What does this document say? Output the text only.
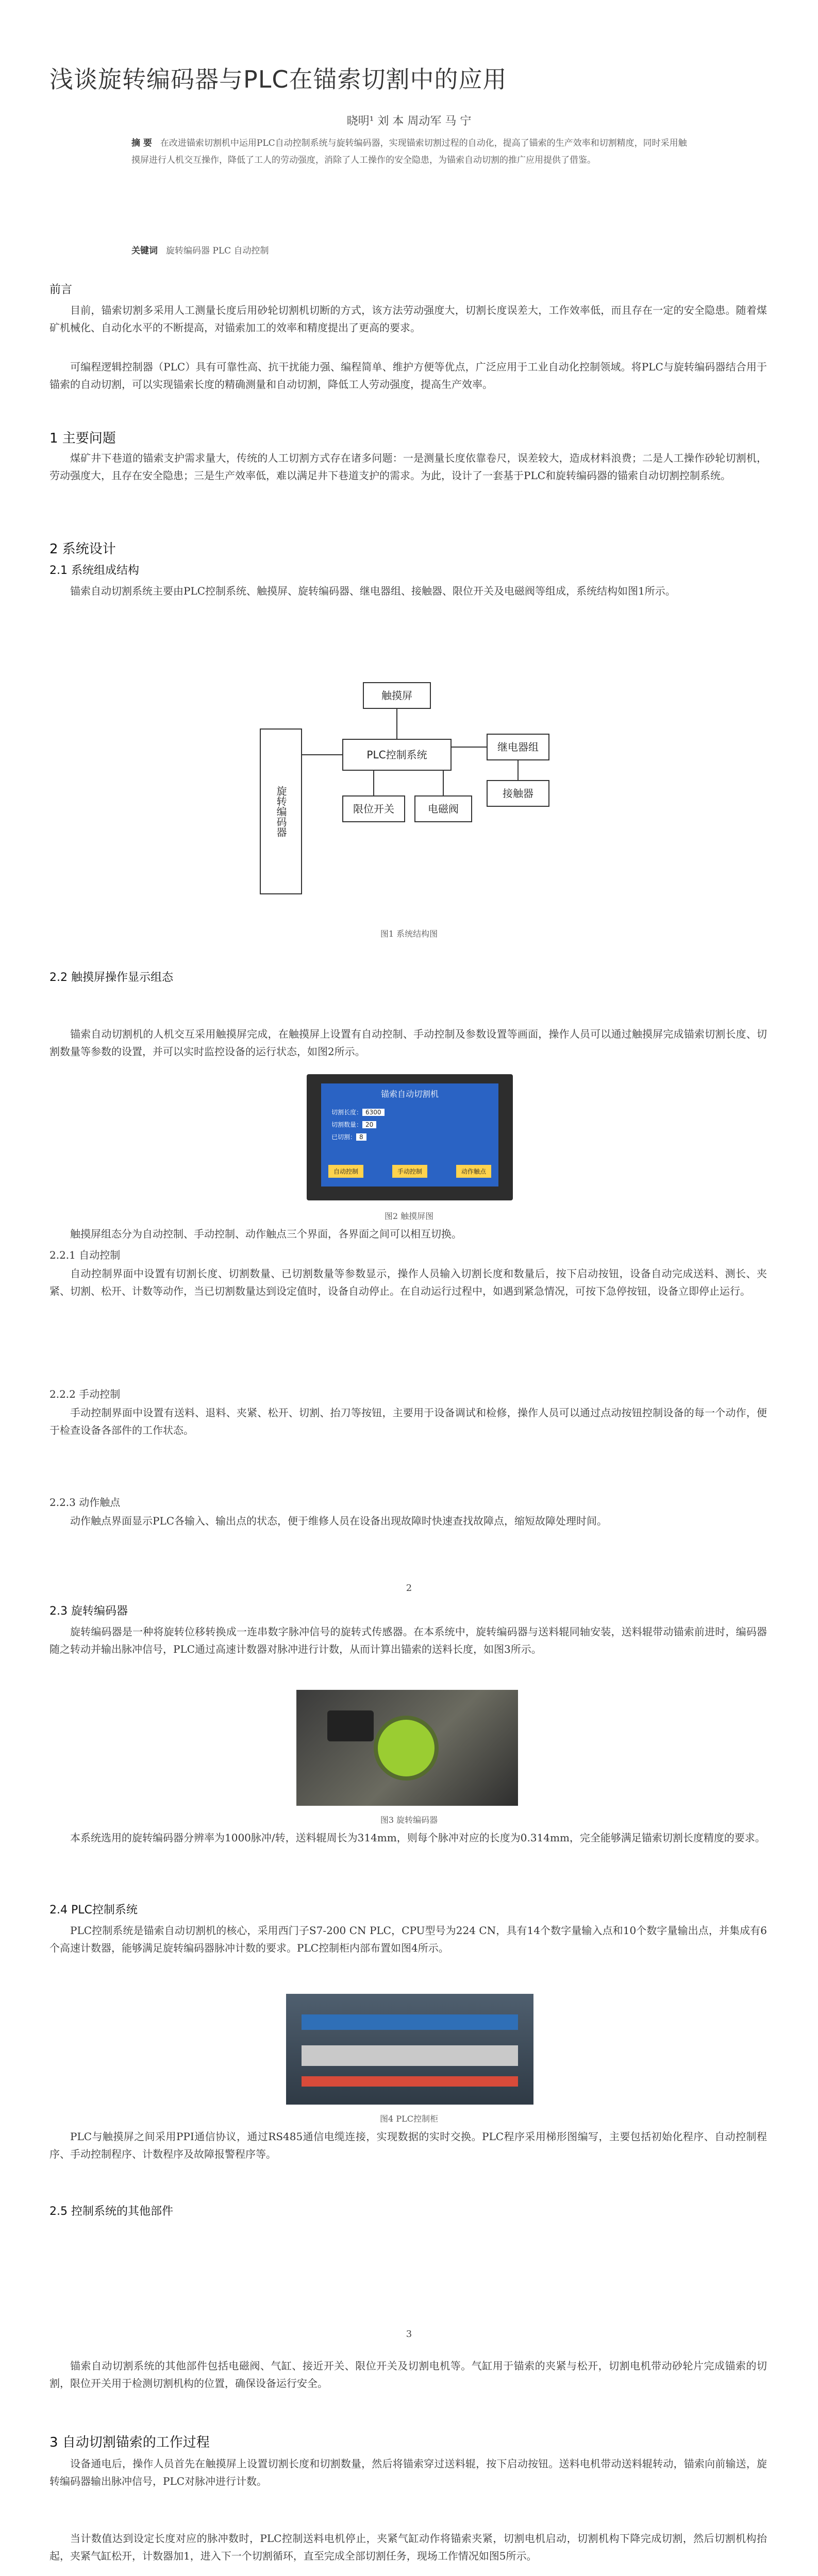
浅谈旋转编码器与PLC在锚索切割中的应用
晓明¹ 刘 本 周动军 马 宁
摘 要 在改进锚索切割机中运用PLC自动控制系统与旋转编码器，实现锚索切割过程的自动化，提高了锚索的生产效率和切割精度，同时采用触摸屏进行人机交互操作，降低了工人的劳动强度，消除了人工操作的安全隐患，为锚索自动切割的推广应用提供了借鉴。
关键词 旋转编码器 PLC 自动控制
前言
目前，锚索切割多采用人工测量长度后用砂轮切割机切断的方式，该方法劳动强度大，切割长度误差大，工作效率低，而且存在一定的安全隐患。随着煤矿机械化、自动化水平的不断提高，对锚索加工的效率和精度提出了更高的要求。
可编程逻辑控制器（PLC）具有可靠性高、抗干扰能力强、编程简单、维护方便等优点，广泛应用于工业自动化控制领域。将PLC与旋转编码器结合用于锚索的自动切割，可以实现锚索长度的精确测量和自动切割，降低工人劳动强度，提高生产效率。
1 主要问题
煤矿井下巷道的锚索支护需求量大，传统的人工切割方式存在诸多问题：一是测量长度依靠卷尺，误差较大，造成材料浪费；二是人工操作砂轮切割机，劳动强度大，且存在安全隐患；三是生产效率低，难以满足井下巷道支护的需求。为此，设计了一套基于PLC和旋转编码器的锚索自动切割控制系统。
2 系统设计
2.1 系统组成结构
锚索自动切割系统主要由PLC控制系统、触摸屏、旋转编码器、继电器组、接触器、限位开关及电磁阀等组成，系统结构如图1所示。
触摸屏
PLC控制系统
继电器组
接触器
限位开关	电磁阀
旋转编码器
图1 系统结构图
2.2 触摸屏操作显示组态
锚索自动切割机的人机交互采用触摸屏完成，在触摸屏上设置有自动控制、手动控制及参数设置等画面，操作人员可以通过触摸屏完成锚索切割长度、切割数量等参数的设置，并可以实时监控设备的运行状态，如图2所示。
锚索自动切割机
切割长度： 6300
切割数量： 20
已切割： 8
自动控制	手动控制	动作触点
图2 触摸屏图
触摸屏组态分为自动控制、手动控制、动作触点三个界面，各界面之间可以相互切换。
2.2.1 自动控制
自动控制界面中设置有切割长度、切割数量、已切割数量等参数显示，操作人员输入切割长度和数量后，按下启动按钮，设备自动完成送料、测长、夹紧、切割、松开、计数等动作，当已切割数量达到设定值时，设备自动停止。在自动运行过程中，如遇到紧急情况，可按下急停按钮，设备立即停止运行。
2.2.2 手动控制
手动控制界面中设置有送料、退料、夹紧、松开、切割、抬刀等按钮，主要用于设备调试和检修，操作人员可以通过点动按钮控制设备的每一个动作，便于检查设备各部件的工作状态。
2.2.3 动作触点
动作触点界面显示PLC各输入、输出点的状态，便于维修人员在设备出现故障时快速查找故障点，缩短故障处理时间。
2
2.3 旋转编码器
旋转编码器是一种将旋转位移转换成一连串数字脉冲信号的旋转式传感器。在本系统中，旋转编码器与送料辊同轴安装，送料辊带动锚索前进时，编码器随之转动并输出脉冲信号，PLC通过高速计数器对脉冲进行计数，从而计算出锚索的送料长度，如图3所示。
图3 旋转编码器
本系统选用的旋转编码器分辨率为1000脉冲/转，送料辊周长为314mm，则每个脉冲对应的长度为0.314mm，完全能够满足锚索切割长度精度的要求。
2.4 PLC控制系统
PLC控制系统是锚索自动切割机的核心，采用西门子S7-200 CN PLC，CPU型号为224 CN，具有14个数字量输入点和10个数字量输出点，并集成有6个高速计数器，能够满足旋转编码器脉冲计数的要求。PLC控制柜内部布置如图4所示。
图4 PLC控制柜
PLC与触摸屏之间采用PPI通信协议，通过RS485通信电缆连接，实现数据的实时交换。PLC程序采用梯形图编写，主要包括初始化程序、自动控制程序、手动控制程序、计数程序及故障报警程序等。
2.5 控制系统的其他部件
3
锚索自动切割系统的其他部件包括电磁阀、气缸、接近开关、限位开关及切割电机等。气缸用于锚索的夹紧与松开，切割电机带动砂轮片完成锚索的切割，限位开关用于检测切割机构的位置，确保设备运行安全。
3 自动切割锚索的工作过程
设备通电后，操作人员首先在触摸屏上设置切割长度和切割数量，然后将锚索穿过送料辊，按下启动按钮。送料电机带动送料辊转动，锚索向前输送，旋转编码器输出脉冲信号，PLC对脉冲进行计数。
当计数值达到设定长度对应的脉冲数时，PLC控制送料电机停止，夹紧气缸动作将锚索夹紧，切割电机启动，切割机构下降完成切割，然后切割机构抬起，夹紧气缸松开，计数器加1，进入下一个切割循环，直至完成全部切割任务，现场工作情况如图5所示。
